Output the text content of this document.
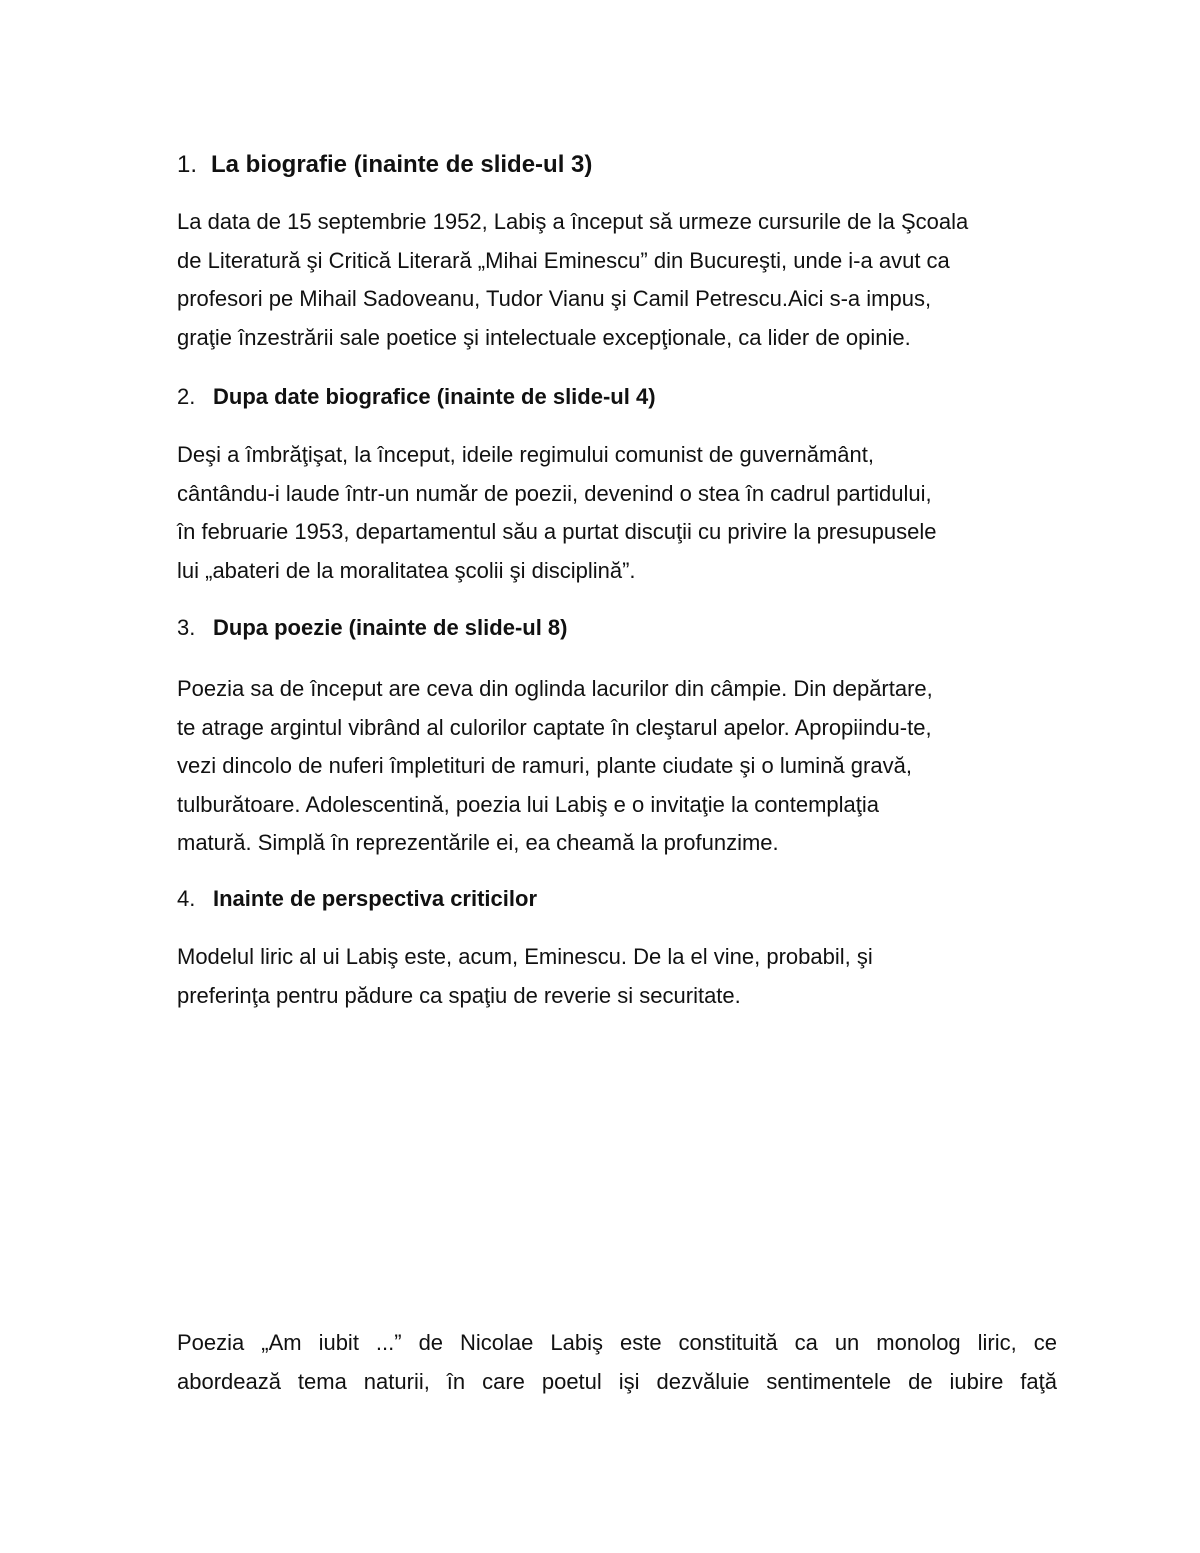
1. La biografie (inainte de slide-ul 3)
La data de 15 septembrie 1952, Labiş a început să urmeze cursurile de la Şcoala
de Literatură şi Critică Literară „Mihai Eminescu” din Bucureşti, unde i-a avut ca
profesori pe Mihail Sadoveanu, Tudor Vianu şi Camil Petrescu.Aici s-a impus,
graţie înzestrării sale poetice şi intelectuale excepţionale, ca lider de opinie.
2. Dupa date biografice (inainte de slide-ul 4)
Deşi a îmbrăţişat, la început, ideile regimului comunist de guvernământ,
cântându-i laude într-un număr de poezii, devenind o stea în cadrul partidului,
în februarie 1953, departamentul său a purtat discuţii cu privire la presupusele
lui „abateri de la moralitatea şcolii şi disciplină”.
3. Dupa poezie (inainte de slide-ul 8)
Poezia sa de început are ceva din oglinda lacurilor din câmpie. Din depărtare,
te atrage argintul vibrând al culorilor captate în cleştarul apelor. Apropiindu-te,
vezi dincolo de nuferi împletituri de ramuri, plante ciudate şi o lumină gravă,
tulburătoare. Adolescentină, poezia lui Labiş e o invitaţie la contemplaţia
matură. Simplă în reprezentările ei, ea cheamă la profunzime.
4. Inainte de perspectiva criticilor
Modelul liric al ui Labiş este, acum, Eminescu. De la el vine, probabil, şi
preferinţa pentru pădure ca spaţiu de reverie si securitate.
Poezia „Am iubit ...” de Nicolae Labiş este constituită ca un monolog liric, ce
abordează tema naturii, în care poetul işi dezvăluie sentimentele de iubire faţă
